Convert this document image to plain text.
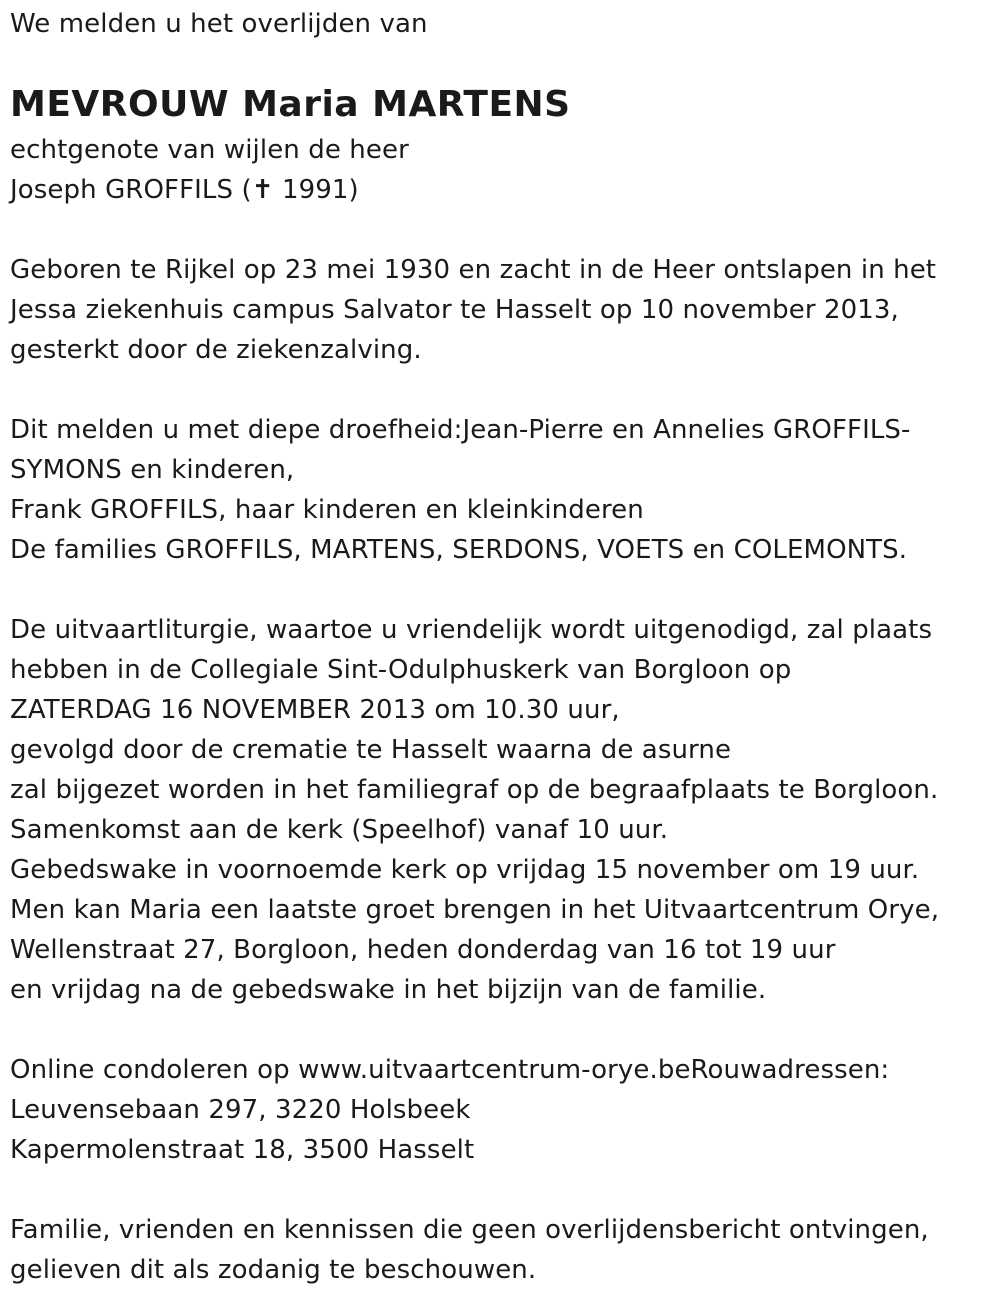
We melden u het overlijden van
MEVROUW Maria MARTENS
echtgenote van wijlen de heer
Joseph GROFFILS (✝ 1991)
Geboren te Rijkel op 23 mei 1930 en zacht in de Heer ontslapen in het
Jessa ziekenhuis campus Salvator te Hasselt op 10 november 2013,
gesterkt door de ziekenzalving.
Dit melden u met diepe droefheid:Jean-Pierre en Annelies GROFFILS-
SYMONS en kinderen,
Frank GROFFILS, haar kinderen en kleinkinderen
De families GROFFILS, MARTENS, SERDONS, VOETS en COLEMONTS.
De uitvaartliturgie, waartoe u vriendelijk wordt uitgenodigd, zal plaats
hebben in de Collegiale Sint-Odulphuskerk van Borgloon op
ZATERDAG 16 NOVEMBER 2013 om 10.30 uur,
gevolgd door de crematie te Hasselt waarna de asurne
zal bijgezet worden in het familiegraf op de begraafplaats te Borgloon.
Samenkomst aan de kerk (Speelhof) vanaf 10 uur.
Gebedswake in voornoemde kerk op vrijdag 15 november om 19 uur.
Men kan Maria een laatste groet brengen in het Uitvaartcentrum Orye,
Wellenstraat 27, Borgloon, heden donderdag van 16 tot 19 uur
en vrijdag na de gebedswake in het bijzijn van de familie.
Online condoleren op www.uitvaartcentrum-orye.beRouwadressen:
Leuvensebaan 297, 3220 Holsbeek
Kapermolenstraat 18, 3500 Hasselt
Familie, vrienden en kennissen die geen overlijdensbericht ontvingen,
gelieven dit als zodanig te beschouwen.
